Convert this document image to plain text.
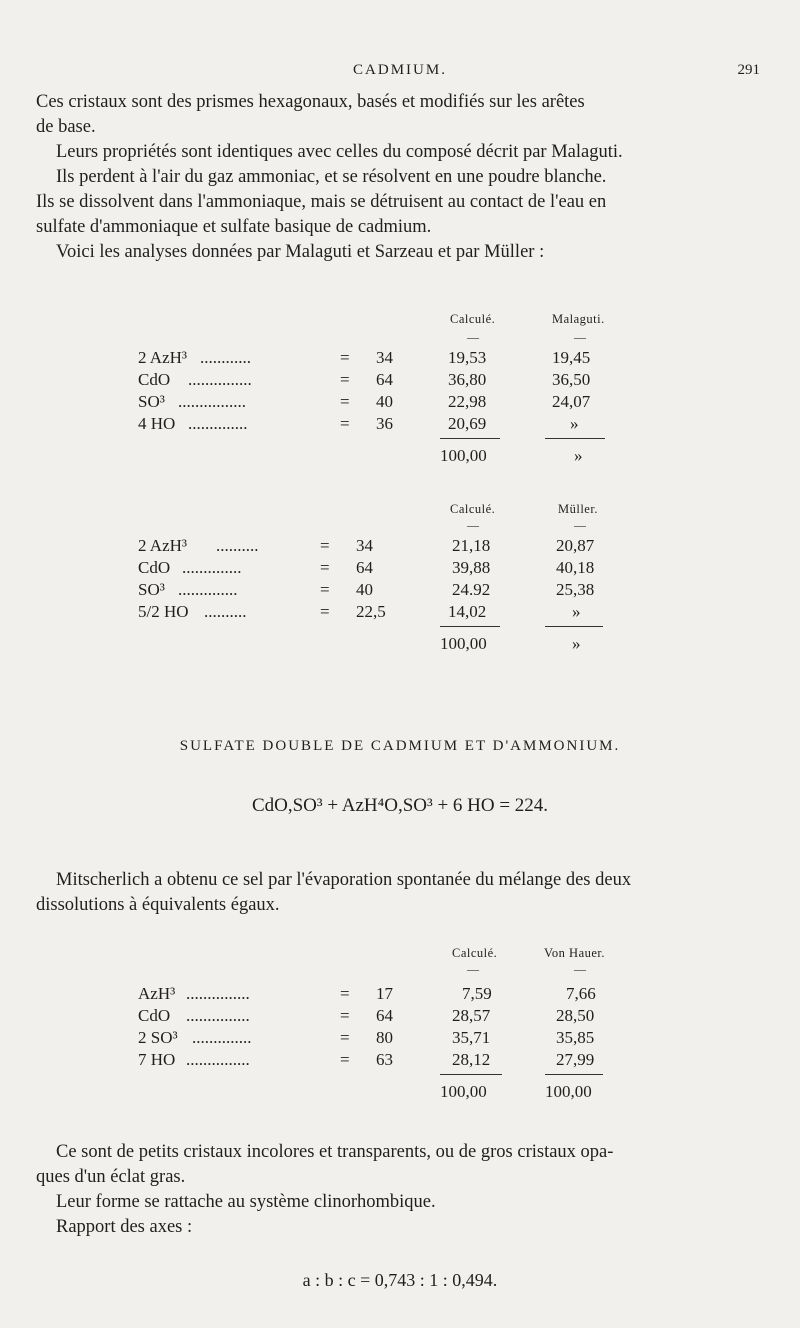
CADMIUM.	291
Ces cristaux sont des prismes hexagonaux, basés et modifiés sur les arêtes
de base.
Leurs propriétés sont identiques avec celles du composé décrit par Malaguti.
Ils perdent à l'air du gaz ammoniac, et se résolvent en une poudre blanche.
Ils se dissolvent dans l'ammoniaque, mais se détruisent au contact de l'eau en
sulfate d'ammoniaque et sulfate basique de cadmium.
Voici les analyses données par Malaguti et Sarzeau et par Müller :
Calculé.	Malaguti.
—	—
2 AzH³ ............	= 34	19,53	19,45
CdO ...............	= 64	36,80	36,50
SO³ ................	= 40	22,98	24,07
4 HO ..............	= 36	20,69	»
100,00	»
Calculé.	Müller.
—	—
2 AzH³ ..........	= 34	21,18	20,87
CdO ..............	= 64	39,88	40,18
SO³ ..............	= 40	24.92	25,38
5/2 HO ..........	= 22,5	14,02	»
100,00	»
SULFATE DOUBLE DE CADMIUM ET D'AMMONIUM.
CdO,SO³ + AzH⁴O,SO³ + 6 HO = 224.
Mitscherlich a obtenu ce sel par l'évaporation spontanée du mélange des deux
dissolutions à équivalents égaux.
Calculé.	Von Hauer.
—	—
AzH³ ...............	= 17	7,59	7,66
CdO ...............	= 64	28,57	28,50
2 SO³ ..............	= 80	35,71	35,85
7 HO ...............	= 63	28,12	27,99
100,00	100,00
Ce sont de petits cristaux incolores et transparents, ou de gros cristaux opa-
ques d'un éclat gras.
Leur forme se rattache au système clinorhombique.
Rapport des axes :
a : b : c = 0,743 : 1 : 0,494.
